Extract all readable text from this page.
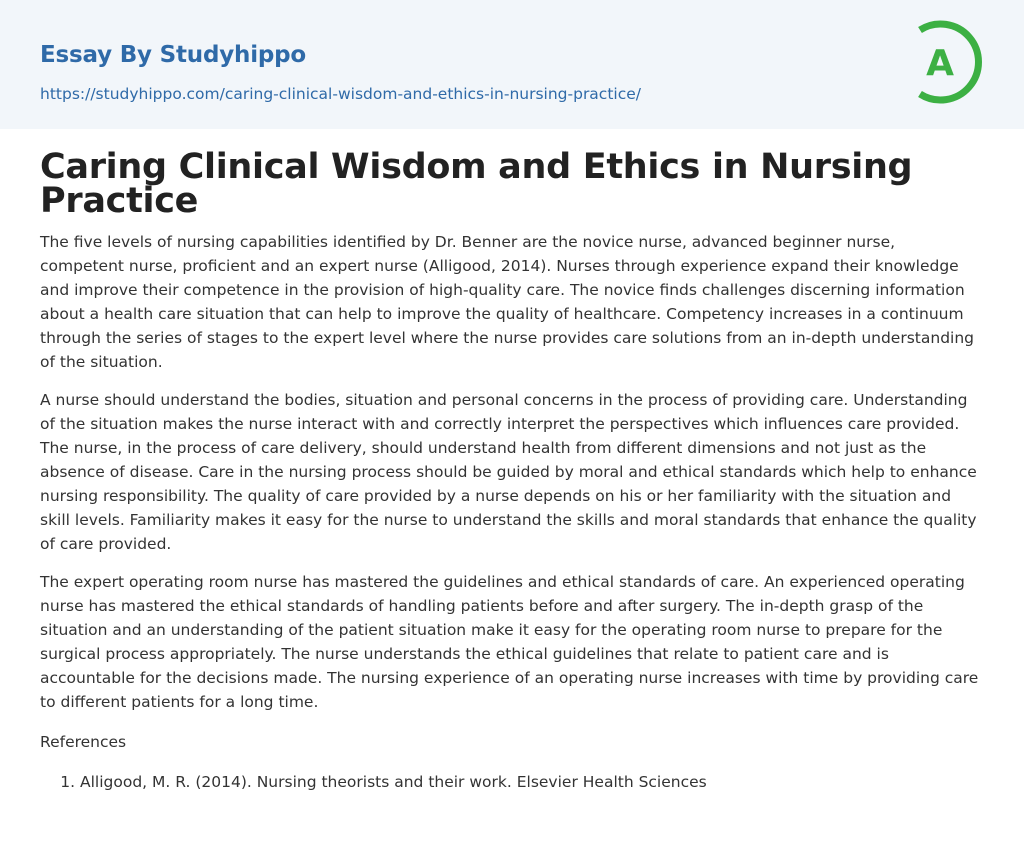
Essay By Studyhippo
https://studyhippo.com/caring-clinical-wisdom-and-ethics-in-nursing-practice/
A
Caring Clinical Wisdom and Ethics in Nursing Practice

The five levels of nursing capabilities identified by Dr. Benner are the novice nurse, advanced beginner nurse, competent nurse, proficient and an expert nurse (Alligood, 2014). Nurses through experience expand their knowledge and improve their competence in the provision of high-quality care. The novice finds challenges discerning information about a health care situation that can help to improve the quality of healthcare. Competency increases in a continuum through the series of stages to the expert level where the nurse provides care solutions from an in-depth understanding of the situation.

A nurse should understand the bodies, situation and personal concerns in the process of providing care. Understanding of the situation makes the nurse interact with and correctly interpret the perspectives which influences care provided. The nurse, in the process of care delivery, should understand health from different dimensions and not just as the absence of disease. Care in the nursing process should be guided by moral and ethical standards which help to enhance nursing responsibility. The quality of care provided by a nurse depends on his or her familiarity with the situation and skill levels. Familiarity makes it easy for the nurse to understand the skills and moral standards that enhance the quality of care provided.

The expert operating room nurse has mastered the guidelines and ethical standards of care. An experienced operating nurse has mastered the ethical standards of handling patients before and after surgery. The in-depth grasp of the situation and an understanding of the patient situation make it easy for the operating room nurse to prepare for the surgical process appropriately. The nurse understands the ethical guidelines that relate to patient care and is accountable for the decisions made. The nursing experience of an operating nurse increases with time by providing care to different patients for a long time.

References

1. Alligood, M. R. (2014). Nursing theorists and their work. Elsevier Health Sciences
